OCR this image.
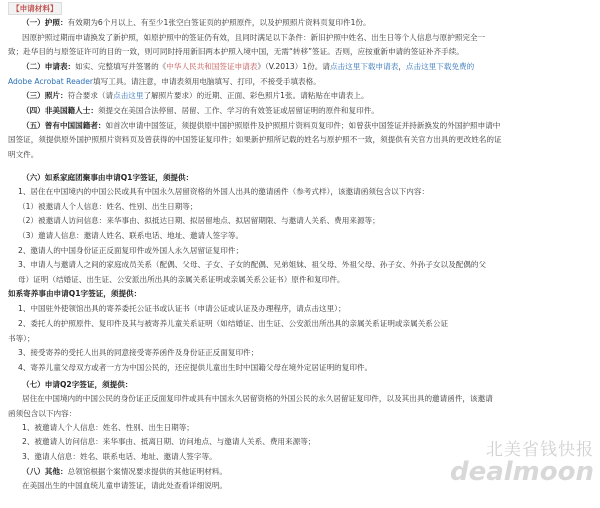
【申请材料】
（一）护照：有效期为6个月以上、有至少1张空白签证页的护照原件，以及护照照片资料页复印件1份。
因原护照过期而申请换发了新护照，如原护照中的签证仍有效，且同时满足以下条件：新旧护照中姓名、出生日等个人信息与原护照完全一
致；赴华目的与原签证许可的目的一致，则可同时持用新旧两本护照入境中国，无需“转移”签证。否则，应按重新申请的签证补齐手续。
（二）申请表：如实、完整填写并签署的《中华人民共和国签证申请表》（V.2013）1份。请点击这里下载申请表，点击这里下载免费的
Adobe Acrobat Reader填写工具。请注意，申请表须用电脑填写、打印，不接受手填表格。
（三）照片：符合要求（请点击这里了解照片要求）的近期、正面、彩色照片1张。请粘贴在申请表上。
（四）非美国籍人士：须提交在美国合法停留、居留、工作、学习的有效签证或居留证明的原件和复印件。
（五）曾有中国国籍者：如首次申请中国签证，须提供原中国护照原件及护照照片资料页复印件；如曾获中国签证并持新换发的外国护照申请中
国签证，须提供原外国护照照片资料页及曾获得的中国签证复印件；如果新护照所记载的姓名与原护照不一致，须提供有关官方出具的更改姓名的证
明文件。
（六）如系家庭团聚事由申请Q1字签证，须提供：
1、居住在中国境内的中国公民或具有中国永久居留资格的外国人出具的邀请函件（参考式样），该邀请函须包含以下内容：
（1）被邀请人个人信息：姓名、性别、出生日期等；
（2）被邀请人访问信息：来华事由、拟抵达日期、拟居留地点、拟居留期限、与邀请人关系、费用来源等；
（3）邀请人信息：邀请人姓名、联系电话、地址、邀请人签字等。
2、邀请人的中国身份证正反面复印件或外国人永久居留证复印件；
3、申请人与邀请人之间的家庭成员关系（配偶、父母、子女、子女的配偶、兄弟姐妹、祖父母、外祖父母、孙子女、外孙子女以及配偶的父
母）证明（结婚证、出生证、公安派出所出具的亲属关系证明或亲属关系公证书）原件和复印件。
如系寄养事由申请Q1字签证，须提供：
1、中国驻外使领馆出具的寄养委托公证书或认证书（申请公证或认证及办理程序，请点击这里）；
2、委托人的护照原件、复印件及其与被寄养儿童关系证明（如结婚证、出生证、公安派出所出具的亲属关系证明或亲属关系公证
书等）；
3、接受寄养的受托人出具的同意接受寄养函件及身份证正反面复印件；
4、寄养儿童父母双方或者一方为中国公民的，还应提供儿童出生时中国籍父母在境外定居证明的复印件。
（七）申请Q2字签证，须提供：
居住在中国境内的中国公民的身份证正反面复印件或具有中国永久居留资格的外国公民的永久居留证复印件，以及其出具的邀请函件，该邀请
函须包含以下内容：
1、被邀请人个人信息：姓名、性别、出生日期等；
2、被邀请人访问信息：来华事由、抵离日期、访问地点、与邀请人关系、费用来源等；
3、邀请人信息：姓名、联系电话、地址、邀请人签字等。
（八）其他：总领馆根据个案情况要求提供的其他证明材料。
在美国出生的中国血统儿童申请签证，请此处查看详细说明。
北美省钱快报
dealmoon
